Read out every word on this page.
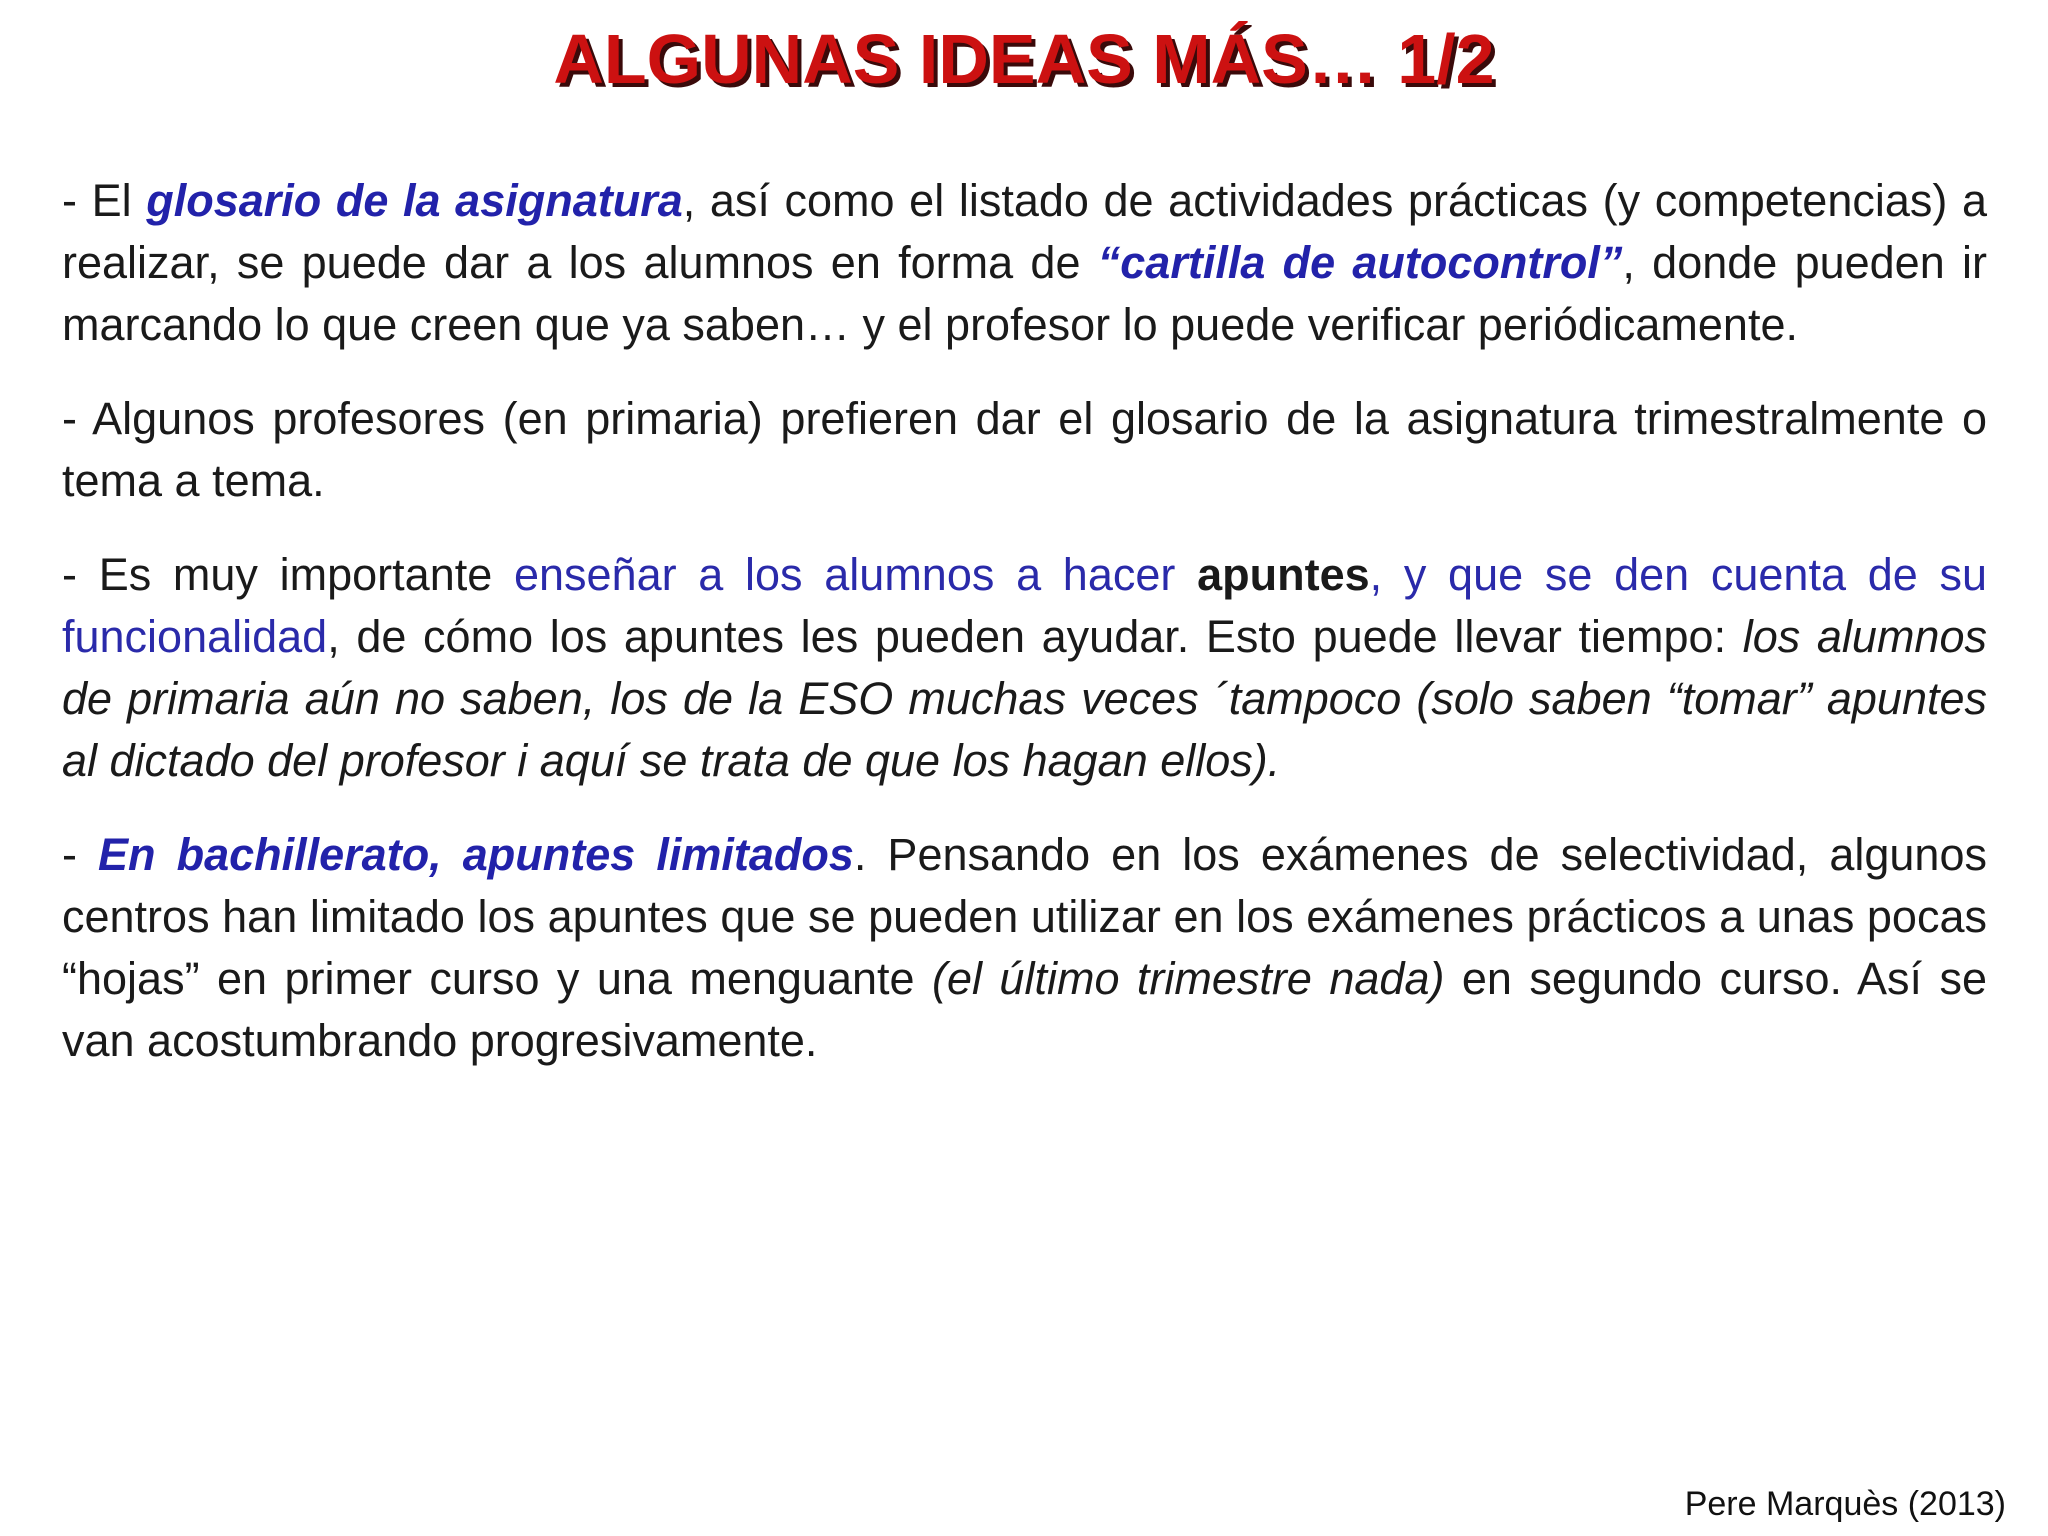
ALGUNAS IDEAS MÁS… 1/2

- El glosario de la asignatura, así como el listado de actividades prácticas (y competencias) a realizar, se puede dar a los alumnos en forma de “cartilla de autocontrol”, donde pueden ir marcando lo que creen que ya saben… y el profesor lo puede verificar periódicamente.

- Algunos profesores (en primaria) prefieren dar el glosario de la asignatura trimestralmente o tema a tema.

- Es muy importante enseñar a los alumnos a hacer apuntes, y que se den cuenta de su funcionalidad, de cómo los apuntes les pueden ayudar. Esto puede llevar tiempo: los alumnos de primaria aún no saben, los de la ESO muchas veces ´tampoco (solo saben “tomar” apuntes al dictado del profesor i aquí se trata de que los hagan ellos).

- En bachillerato, apuntes limitados. Pensando en los exámenes de selectividad, algunos centros han limitado los apuntes que se pueden utilizar en los exámenes prácticos a unas pocas “hojas” en primer curso y una menguante (el último trimestre nada) en segundo curso. Así se van acostumbrando progresivamente.

Pere Marquès (2013)
